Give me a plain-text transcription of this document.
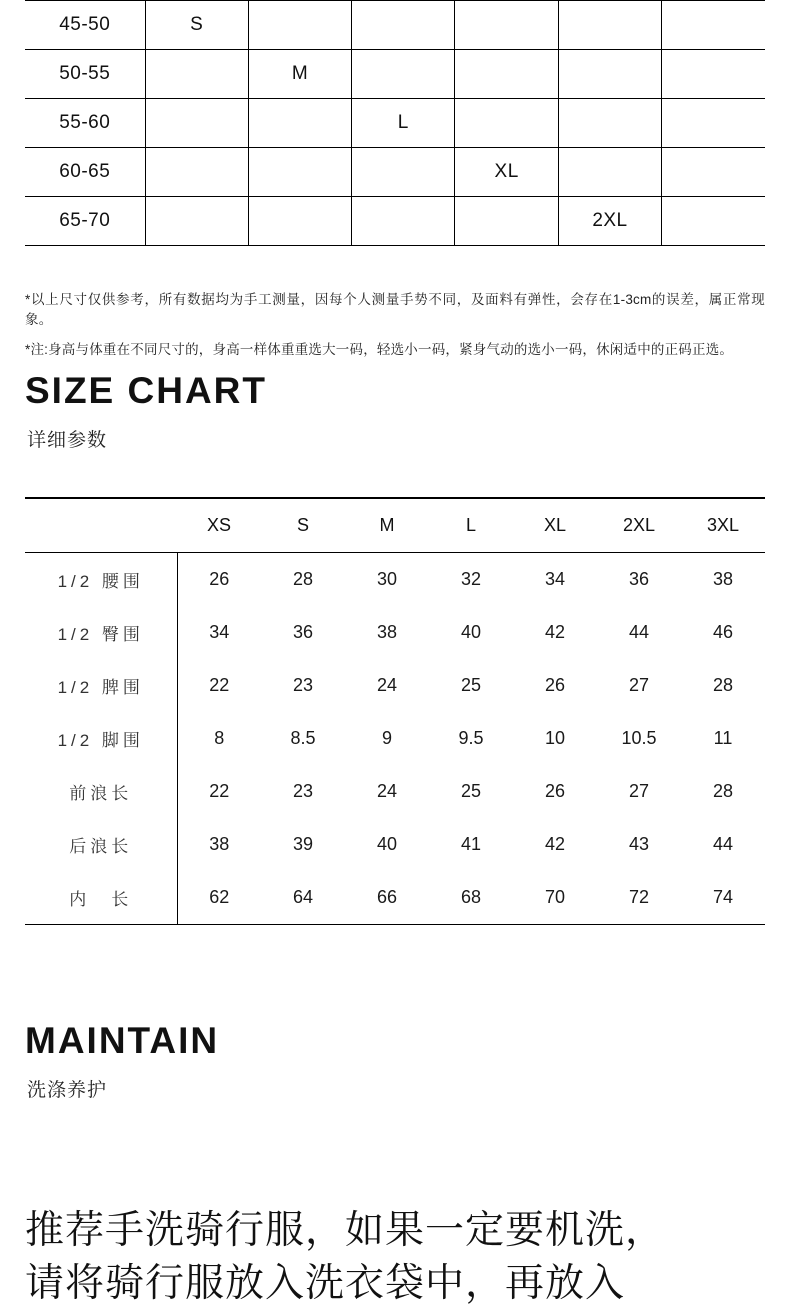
45-50	S					
50-55		M				
55-60			L			
60-65				XL		
65-70					2XL	

*以上尺寸仅供参考，所有数据均为手工测量，因每个人测量手势不同，及面料有弹性，会存在1-3cm的误差，属正常现象。

*注:身高与体重在不同尺寸的，身高一样体重重选大一码，轻选小一码，紧身气动的选小一码，休闲适中的正码正选。

SIZE CHART
详细参数

	XS	S	M	L	XL	2XL	3XL
1/2 腰围	26	28	30	32	34	36	38
1/2 臀围	34	36	38	40	42	44	46
1/2 脾围	22	23	24	25	26	27	28
1/2 脚围	8	8.5	9	9.5	10	10.5	11
前浪长	22	23	24	25	26	27	28
后浪长	38	39	40	41	42	43	44
内　长	62	64	66	68	70	72	74

MAINTAIN
洗涤养护
推荐手洗骑行服，如果一定要机洗，
请将骑行服放入洗衣袋中，再放入
